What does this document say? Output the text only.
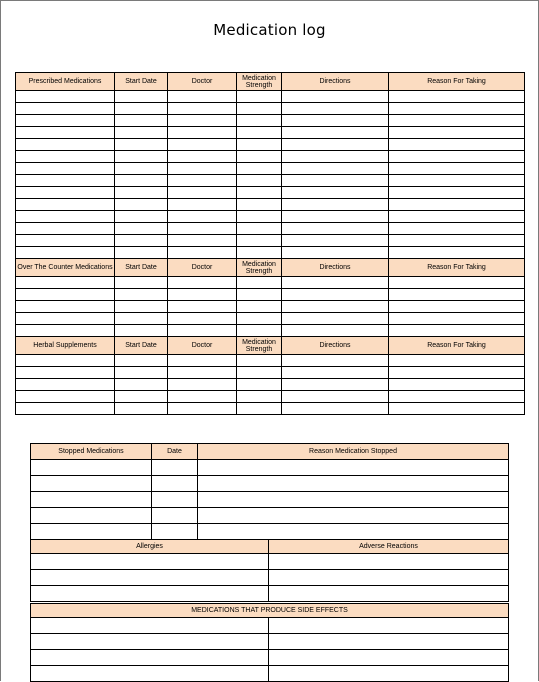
Medication log
Prescribed Medications	Start Date	Doctor	Medication Strength	Directions	Reason For Taking

Over The Counter Medications	Start Date	Doctor	Medication Strength	Directions	Reason For Taking

Herbal Supplements	Start Date	Doctor	Medication Strength	Directions	Reason For Taking

Stopped Medications	Date	Reason Medication Stopped

Allergies	Adverse Reactions

MEDICATIONS THAT PRODUCE SIDE EFFECTS	
